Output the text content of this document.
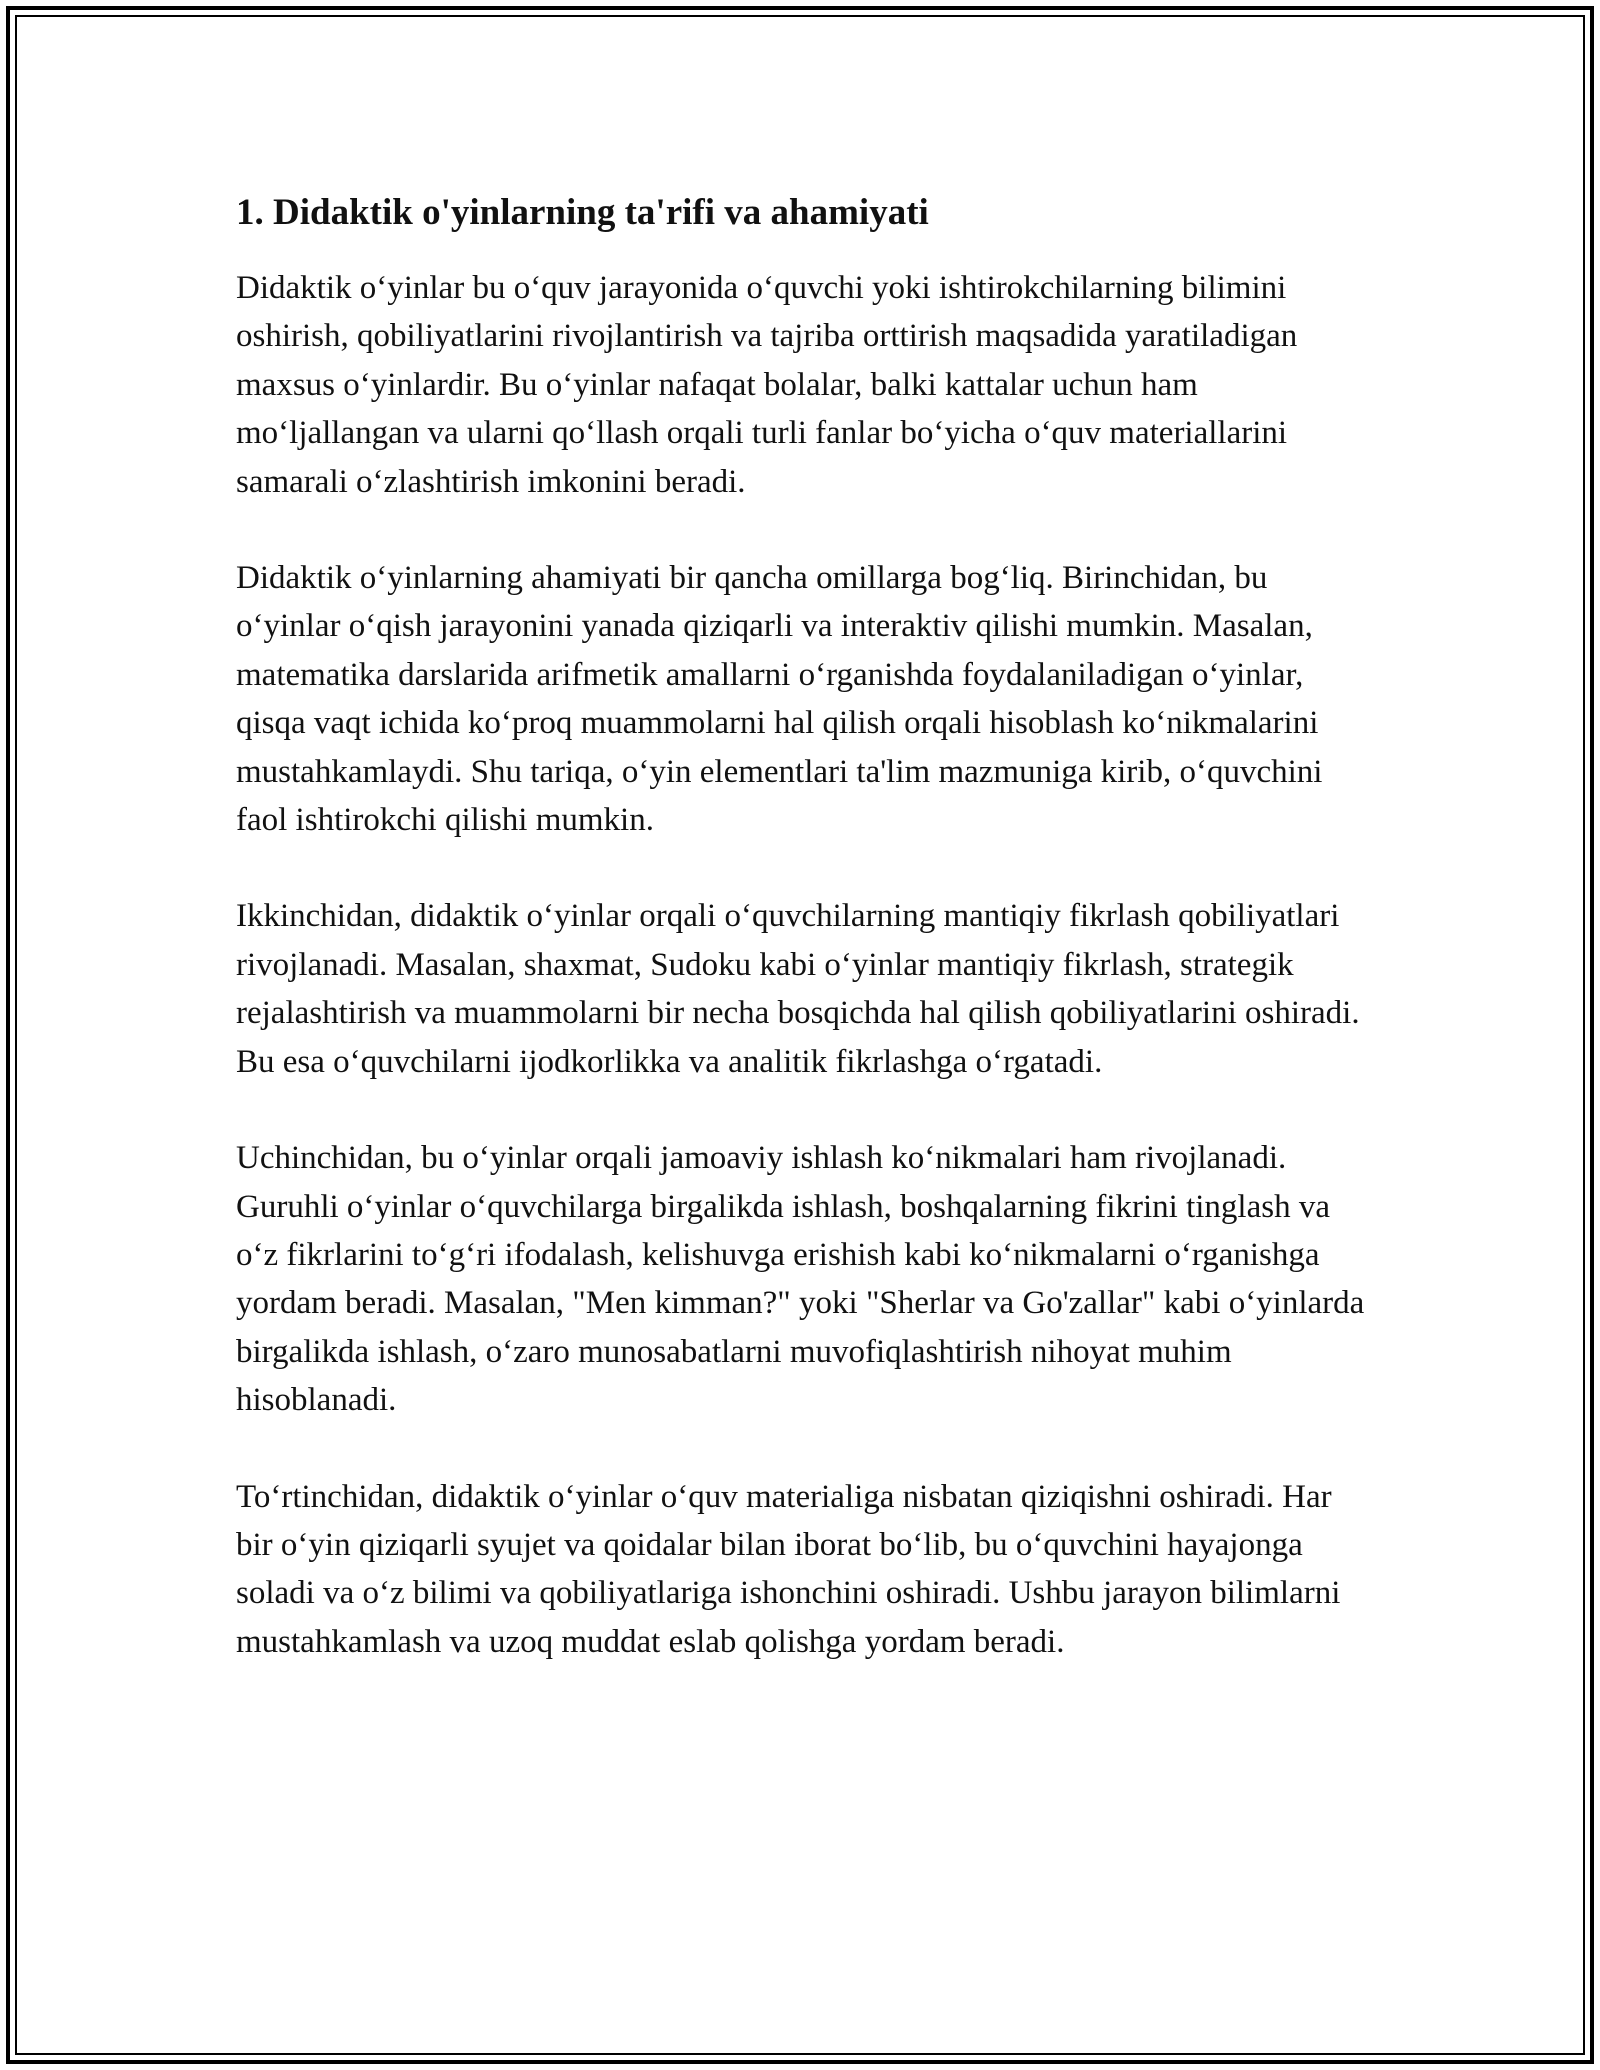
1. Didaktik o'yinlarning ta'rifi va ahamiyati

Didaktik o‘yinlar bu o‘quv jarayonida o‘quvchi yoki ishtirokchilarning bilimini oshirish, qobiliyatlarini rivojlantirish va tajriba orttirish maqsadida yaratiladigan maxsus o‘yinlardir. Bu o‘yinlar nafaqat bolalar, balki kattalar uchun ham mo‘ljallangan va ularni qo‘llash orqali turli fanlar bo‘yicha o‘quv materiallarini samarali o‘zlashtirish imkonini beradi.

Didaktik o‘yinlarning ahamiyati bir qancha omillarga bog‘liq. Birinchidan, bu o‘yinlar o‘qish jarayonini yanada qiziqarli va interaktiv qilishi mumkin. Masalan, matematika darslarida arifmetik amallarni o‘rganishda foydalaniladigan o‘yinlar, qisqa vaqt ichida ko‘proq muammolarni hal qilish orqali hisoblash ko‘nikmalarini mustahkamlaydi. Shu tariqa, o‘yin elementlari ta'lim mazmuniga kirib, o‘quvchini faol ishtirokchi qilishi mumkin.

Ikkinchidan, didaktik o‘yinlar orqali o‘quvchilarning mantiqiy fikrlash qobiliyatlari rivojlanadi. Masalan, shaxmat, Sudoku kabi o‘yinlar mantiqiy fikrlash, strategik rejalashtirish va muammolarni bir necha bosqichda hal qilish qobiliyatlarini oshiradi. Bu esa o‘quvchilarni ijodkorlikka va analitik fikrlashga o‘rgatadi.

Uchinchidan, bu o‘yinlar orqali jamoaviy ishlash ko‘nikmalari ham rivojlanadi. Guruhli o‘yinlar o‘quvchilarga birgalikda ishlash, boshqalarning fikrini tinglash va o‘z fikrlarini to‘g‘ri ifodalash, kelishuvga erishish kabi ko‘nikmalarni o‘rganishga yordam beradi. Masalan, "Men kimman?" yoki "Sherlar va Go'zallar" kabi o‘yinlarda birgalikda ishlash, o‘zaro munosabatlarni muvofiqlashtirish nihoyat muhim hisoblanadi.

To‘rtinchidan, didaktik o‘yinlar o‘quv materialiga nisbatan qiziqishni oshiradi. Har bir o‘yin qiziqarli syujet va qoidalar bilan iborat bo‘lib, bu o‘quvchini hayajonga soladi va o‘z bilimi va qobiliyatlariga ishonchini oshiradi. Ushbu jarayon bilimlarni mustahkamlash va uzoq muddat eslab qolishga yordam beradi.
